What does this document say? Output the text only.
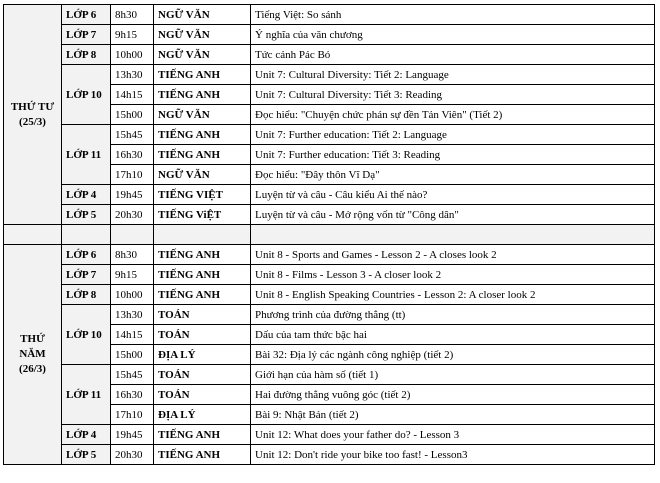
THỨ TƯ
(25/3)	LỚP 6	8h30	NGỮ VĂN	Tiếng Việt: So sánh
	LỚP 7	9h15	NGỮ VĂN	Ý nghĩa của văn chương
	LỚP 8	10h00	NGỮ VĂN	Tức cảnh Pác Bó
	LỚP 10	13h30	TIẾNG ANH	Unit 7: Cultural Diversity: Tiết 2: Language
		14h15	TIẾNG ANH	Unit 7: Cultural Diversity: Tiết 3: Reading
		15h00	NGỮ VĂN	Đọc hiểu: "Chuyện chức phán sự đền Tản Viên" (Tiết 2)
	LỚP 11	15h45	TIẾNG ANH	Unit 7: Further education: Tiết 2: Language
		16h30	TIẾNG ANH	Unit 7: Further education: Tiết 3: Reading
		17h10	NGỮ VĂN	Đọc hiểu: "Đây thôn Vĩ Dạ"
	LỚP 4	19h45	TIẾNG VIỆT	Luyện từ và câu - Câu kiểu Ai thế nào?
	LỚP 5	20h30	TIẾNG ViỆT	Luyện từ và câu - Mở rộng vốn từ "Công dân"

THỨ NĂM
(26/3)	LỚP 6	8h30	TIẾNG ANH	Unit 8 - Sports and Games - Lesson 2 - A closes look 2
	LỚP 7	9h15	TIẾNG ANH	Unit 8 - Films - Lesson 3 - A closer look 2
	LỚP 8	10h00	TIẾNG ANH	Unit 8 - English Speaking Countries - Lesson 2: A closer look 2
	LỚP 10	13h30	TOÁN	Phương trình của đường thẳng (tt)
		14h15	TOÁN	Dấu của tam thức bậc hai
		15h00	ĐỊA LÝ	Bài 32: Địa lý các ngành công nghiệp (tiết 2)
	LỚP 11	15h45	TOÁN	Giới hạn của hàm số (tiết 1)
		16h30	TOÁN	Hai đường thẳng vuông góc (tiết 2)
		17h10	ĐỊA LÝ	Bài 9: Nhật Bản (tiết 2)
	LỚP 4	19h45	TIẾNG ANH	Unit 12: What does your father do? - Lesson 3
	LỚP 5	20h30	TIẾNG ANH	Unit 12: Don't ride your bike too fast! - Lesson3
